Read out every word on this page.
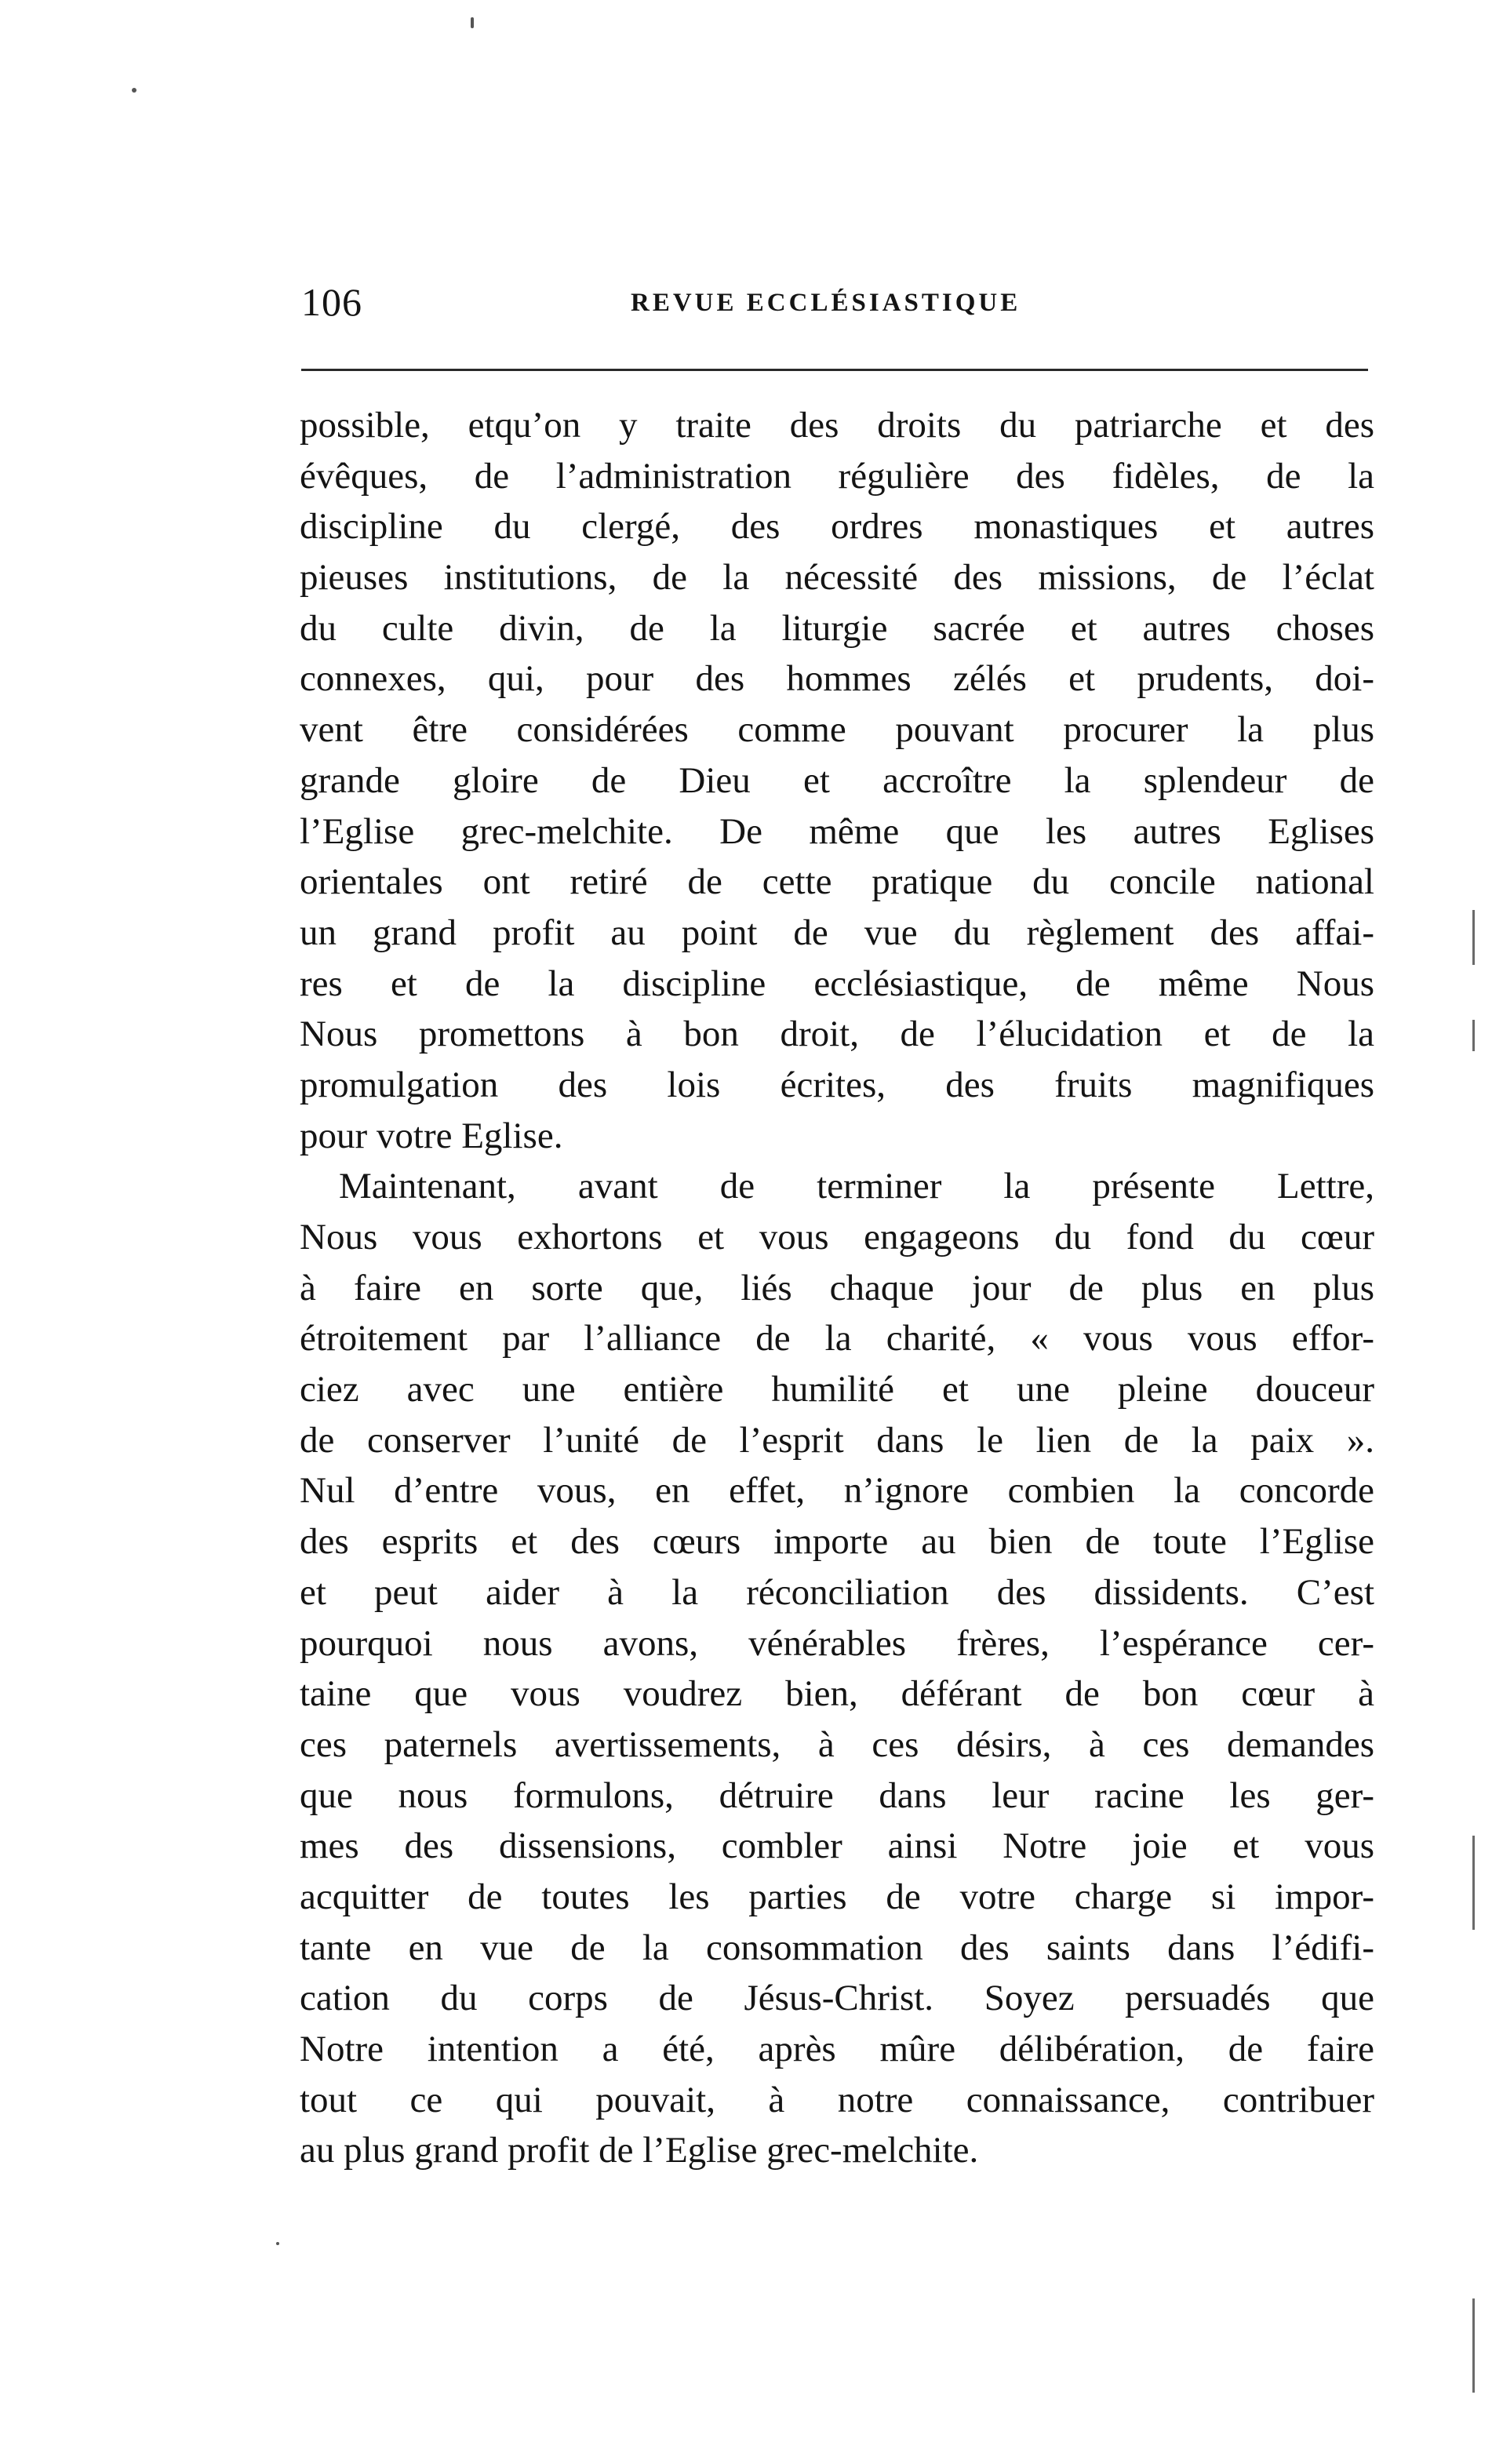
106	REVUE ECCLÉSIASTIQUE
possible, etqu’on y traite des droits du patriarche et des
évêques, de l’administration régulière des fidèles, de la
discipline du clergé, des ordres monastiques et autres
pieuses institutions, de la nécessité des missions, de l’éclat
du culte divin, de la liturgie sacrée et autres choses
connexes, qui, pour des hommes zélés et prudents, doi-
vent être considérées comme pouvant procurer la plus
grande gloire de Dieu et accroître la splendeur de
l’Eglise grec-melchite. De même que les autres Eglises
orientales ont retiré de cette pratique du concile national
un grand profit au point de vue du règlement des affai-
res et de la discipline ecclésiastique, de même Nous
Nous promettons à bon droit, de l’élucidation et de la
promulgation des lois écrites, des fruits magnifiques
pour votre Eglise.
Maintenant, avant de terminer la présente Lettre,
Nous vous exhortons et vous engageons du fond du cœur
à faire en sorte que, liés chaque jour de plus en plus
étroitement par l’alliance de la charité, « vous vous effor-
ciez avec une entière humilité et une pleine douceur
de conserver l’unité de l’esprit dans le lien de la paix ».
Nul d’entre vous, en effet, n’ignore combien la concorde
des esprits et des cœurs importe au bien de toute l’Eglise
et peut aider à la réconciliation des dissidents. C’est
pourquoi nous avons, vénérables frères, l’espérance cer-
taine que vous voudrez bien, déférant de bon cœur à
ces paternels avertissements, à ces désirs, à ces demandes
que nous formulons, détruire dans leur racine les ger-
mes des dissensions, combler ainsi Notre joie et vous
acquitter de toutes les parties de votre charge si impor-
tante en vue de la consommation des saints dans l’édifi-
cation du corps de Jésus-Christ. Soyez persuadés que
Notre intention a été, après mûre délibération, de faire
tout ce qui pouvait, à notre connaissance, contribuer
au plus grand profit de l’Eglise grec-melchite.
